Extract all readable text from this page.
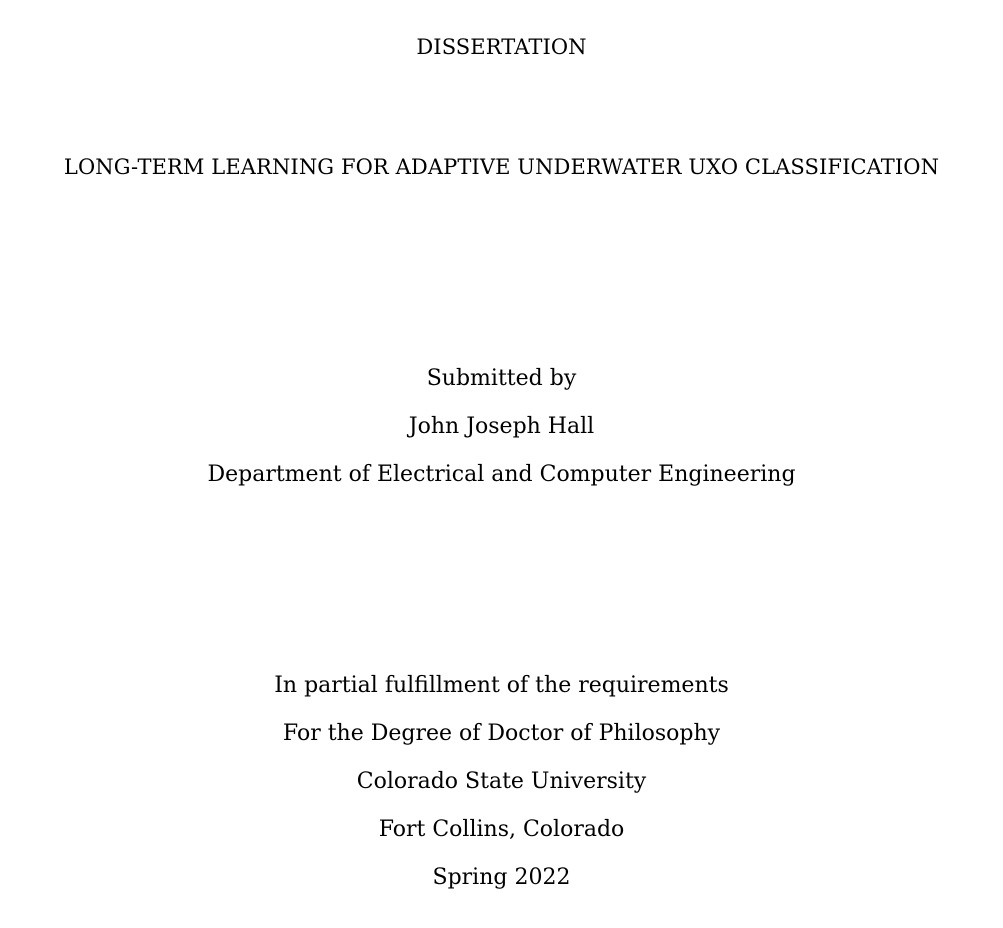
DISSERTATION
LONG-TERM LEARNING FOR ADAPTIVE UNDERWATER UXO CLASSIFICATION
Submitted by
John Joseph Hall
Department of Electrical and Computer Engineering
In partial fulfillment of the requirements
For the Degree of Doctor of Philosophy
Colorado State University
Fort Collins, Colorado
Spring 2022
